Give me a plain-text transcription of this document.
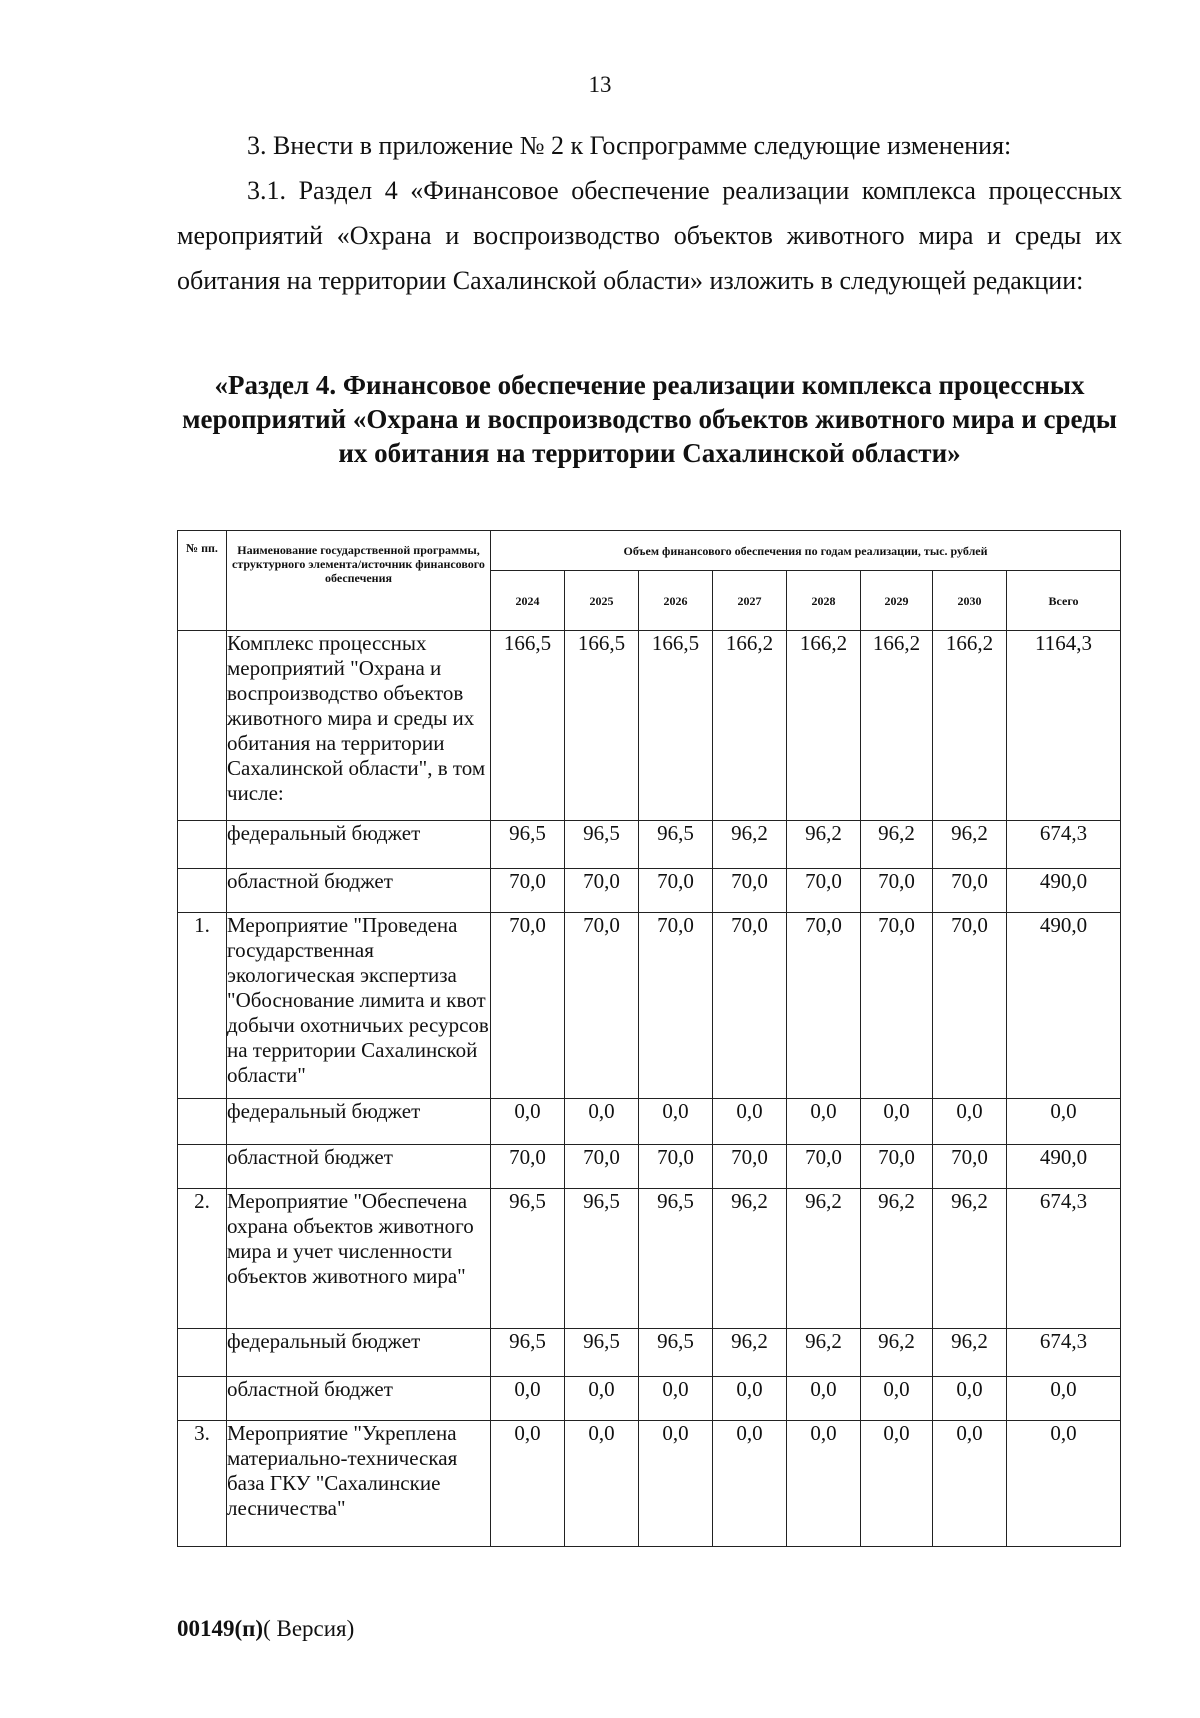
13
3. Внести в приложение № 2 к Госпрограмме следующие изменения:
3.1. Раздел 4 «Финансовое обеспечение реализации комплекса процессных мероприятий «Охрана и воспроизводство объектов животного мира и среды их обитания на территории Сахалинской области» изложить в следующей редакции:
«Раздел 4. Финансовое обеспечение реализации комплекса процессных мероприятий «Охрана и воспроизводство объектов животного мира и среды их обитания на территории Сахалинской области»
№ пп.	Наименование государственной программы, структурного элемента/источник финансового обеспечения	Объем финансового обеспечения по годам реализации, тыс. рублей							
		2024	2025	2026	2027	2028	2029	2030	Всего
	Комплекс процессных мероприятий "Охрана и воспроизводство объектов животного мира и среды их обитания на территории Сахалинской области", в том числе:	166,5	166,5	166,5	166,2	166,2	166,2	166,2	1164,3
	федеральный бюджет	96,5	96,5	96,5	96,2	96,2	96,2	96,2	674,3
	областной бюджет	70,0	70,0	70,0	70,0	70,0	70,0	70,0	490,0
1.	Мероприятие "Проведена государственная экологическая экспертиза "Обоснование лимита и квот добычи охотничьих ресурсов на территории Сахалинской области"	70,0	70,0	70,0	70,0	70,0	70,0	70,0	490,0
	федеральный бюджет	0,0	0,0	0,0	0,0	0,0	0,0	0,0	0,0
	областной бюджет	70,0	70,0	70,0	70,0	70,0	70,0	70,0	490,0
2.	Мероприятие "Обеспечена охрана объектов животного мира и учет численности объектов животного мира"	96,5	96,5	96,5	96,2	96,2	96,2	96,2	674,3
	федеральный бюджет	96,5	96,5	96,5	96,2	96,2	96,2	96,2	674,3
	областной бюджет	0,0	0,0	0,0	0,0	0,0	0,0	0,0	0,0
3.	Мероприятие "Укреплена материально-техническая база ГКУ "Сахалинские лесничества"	0,0	0,0	0,0	0,0	0,0	0,0	0,0	0,0
00149(п)( Версия)
